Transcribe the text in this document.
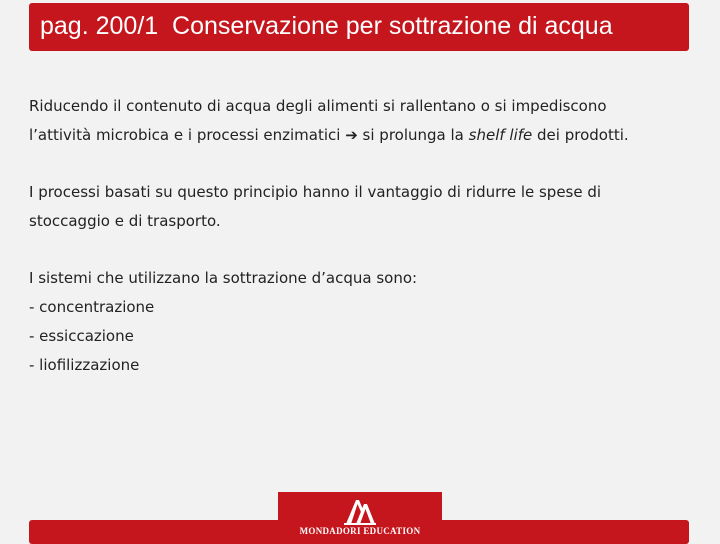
pag. 200/1  Conservazione per sottrazione di acqua
Riducendo il contenuto di acqua degli alimenti si rallentano o si impediscono
l’attività microbica e i processi enzimatici ➔ si prolunga la shelf life dei prodotti.
I processi basati su questo principio hanno il vantaggio di ridurre le spese di
stoccaggio e di trasporto.
I sistemi che utilizzano la sottrazione d’acqua sono:
- concentrazione
- essiccazione
- liofilizzazione
MONDADORI EDUCATION
